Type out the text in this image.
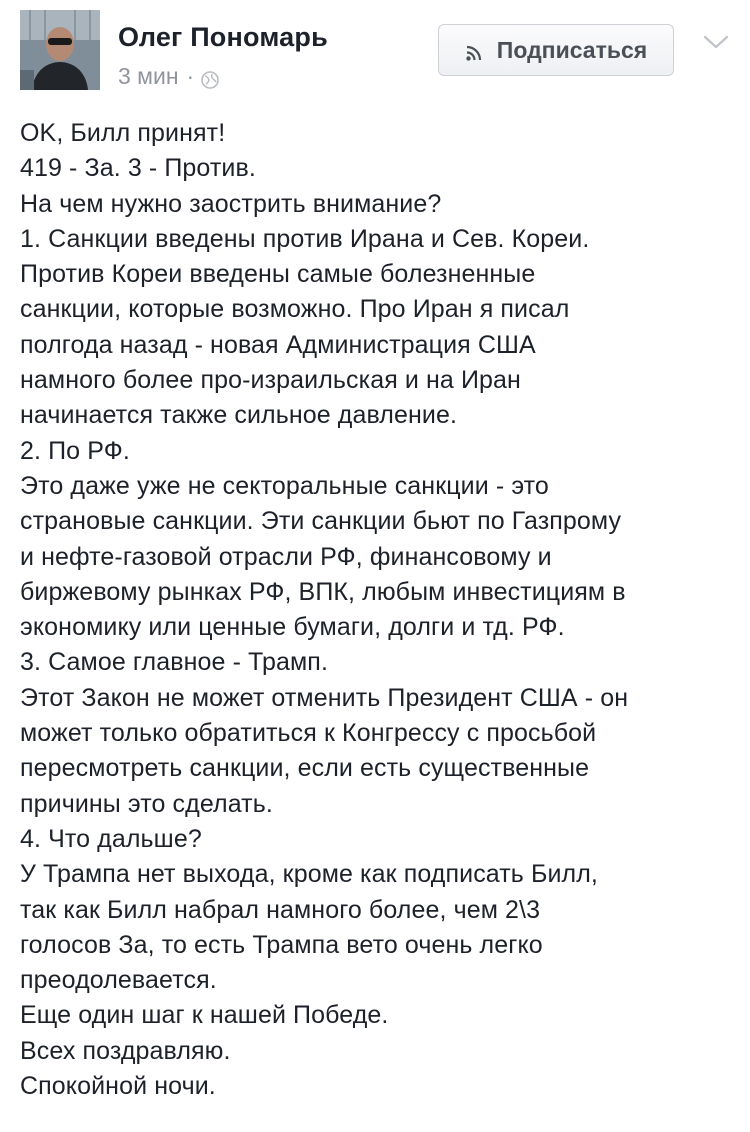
Олег Пономарь
3 мин ·
Подписаться
OK, Билл принят!
419 - За. 3 - Против.
На чем нужно заострить внимание?
1. Санкции введены против Ирана и Сев. Кореи.
Против Кореи введены самые болезненные
санкции, которые возможно. Про Иран я писал
полгода назад - новая Администрация США
намного более про-израильская и на Иран
начинается также сильное давление.
2. По РФ.
Это даже уже не секторальные санкции - это
страновые санкции. Эти санкции бьют по Газпрому
и нефте-газовой отрасли РФ, финансовому и
биржевому рынках РФ, ВПК, любым инвестициям в
экономику или ценные бумаги, долги и тд. РФ.
3. Самое главное - Трамп.
Этот Закон не может отменить Президент США - он
может только обратиться к Конгрессу с просьбой
пересмотреть санкции, если есть существенные
причины это сделать.
4. Что дальше?
У Трампа нет выхода, кроме как подписать Билл,
так как Билл набрал намного более, чем 2\3
голосов За, то есть Трампа вето очень легко
преодолевается.
Еще один шаг к нашей Победе.
Всех поздравляю.
Спокойной ночи.
